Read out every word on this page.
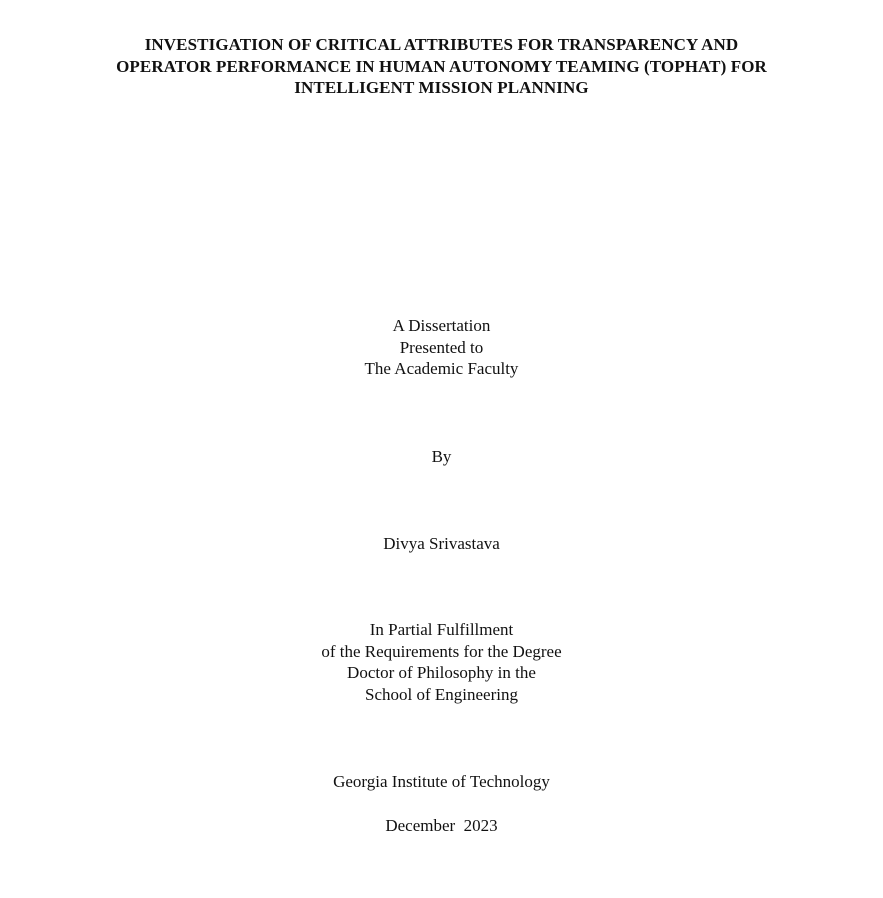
INVESTIGATION OF CRITICAL ATTRIBUTES FOR TRANSPARENCY AND
OPERATOR PERFORMANCE IN HUMAN AUTONOMY TEAMING (TOPHAT) FOR
INTELLIGENT MISSION PLANNING
A Dissertation
Presented to
The Academic Faculty
By
Divya Srivastava
In Partial Fulfillment
of the Requirements for the Degree
Doctor of Philosophy in the
School of Engineering
Georgia Institute of Technology
December  2023
